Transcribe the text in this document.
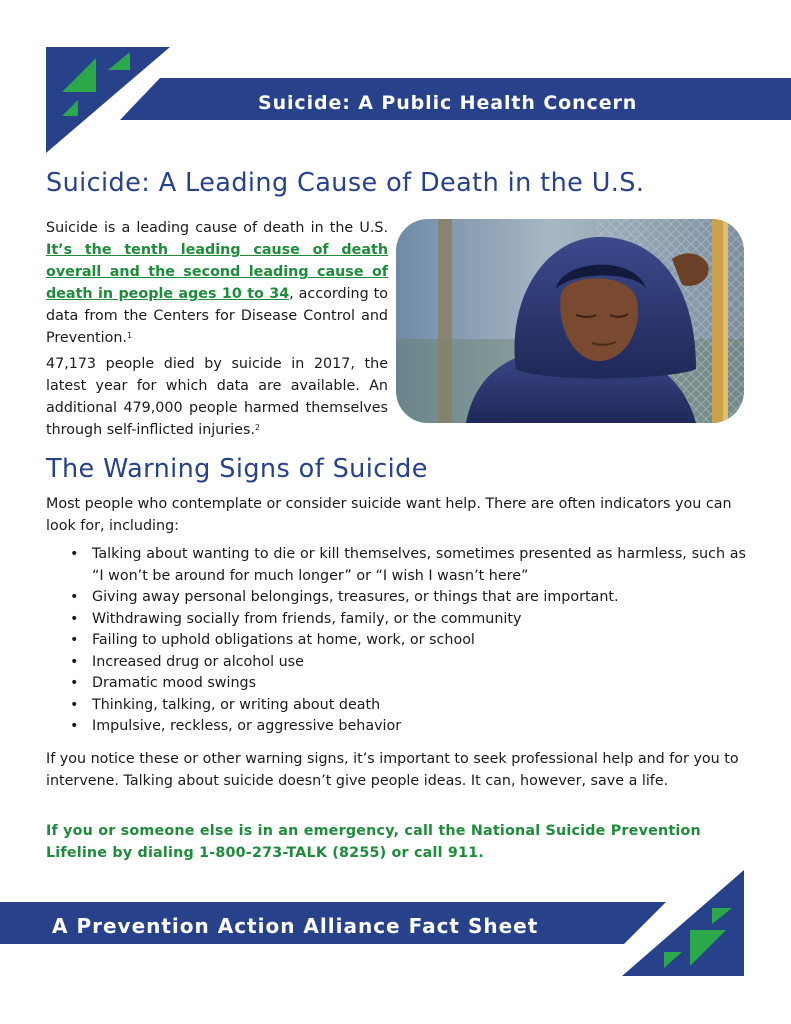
Suicide: A Public Health Concern
Suicide: A Leading Cause of Death in the U.S.

Suicide is a leading cause of death in the U.S. It’s the tenth leading cause of death overall and the second leading cause of death in people ages 10 to 34, according to data from the Centers for Disease Control and Prevention.$^1$

47,173 people died by suicide in 2017, the latest year for which data are available. An additional 479,000 people harmed themselves through self-inflicted injuries.$^2$

The Warning Signs of Suicide

Most people who contemplate or consider suicide want help. There are often indicators you can look for, including:

• Talking about wanting to die or kill themselves, sometimes presented as harmless, such as “I won’t be around for much longer” or “I wish I wasn’t here”
• Giving away personal belongings, treasures, or things that are important.
• Withdrawing socially from friends, family, or the community
• Failing to uphold obligations at home, work, or school
• Increased drug or alcohol use
• Dramatic mood swings
• Thinking, talking, or writing about death
• Impulsive, reckless, or aggressive behavior

If you notice these or other warning signs, it’s important to seek professional help and for you to intervene. Talking about suicide doesn’t give people ideas. It can, however, save a life.

If you or someone else is in an emergency, call the National Suicide Prevention Lifeline by dialing 1-800-273-TALK (8255) or call 911.

A Prevention Action Alliance Fact Sheet
